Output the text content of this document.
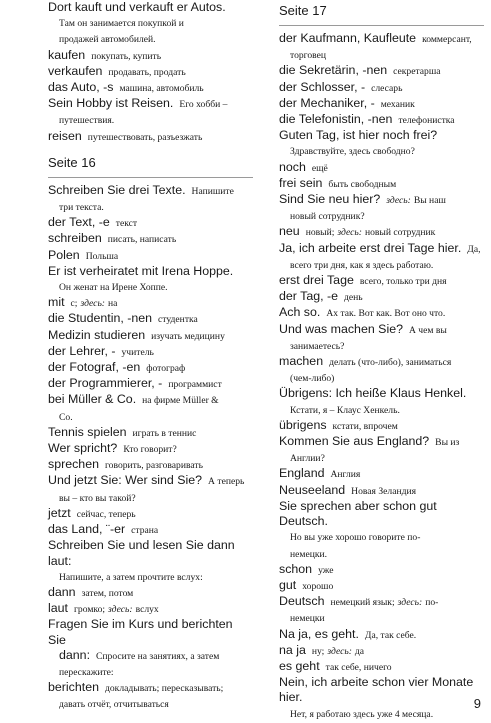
Dort kauft und verkauft er Autos.
Там он занимается покупкой и
продажей автомобилей.
kaufen покупать, купить
verkaufen продавать, продать
das Auto, -s машина, автомобиль
Sein Hobby ist Reisen. Его хобби –
путешествия.
reisen путешествовать, разъезжать
Seite 16
Schreiben Sie drei Texte. Напишите
три текста.
der Text, -e текст
schreiben писать, написать
Polen Польша
Er ist verheiratet mit Irena Hoppe.
Он женат на Ирене Хоппе.
mit с; здесь: на
die Studentin, -nen студентка
Medizin studieren изучать медицину
der Lehrer, - учитель
der Fotograf, -en фотограф
der Programmierer, - программист
bei Müller & Co. на фирме Müller &
Co.
Tennis spielen играть в теннис
Wer spricht? Кто говорит?
sprechen говорить, разговаривать
Und jetzt Sie: Wer sind Sie? А теперь
вы – кто вы такой?
jetzt сейчас, теперь
das Land, ¨-er страна
Schreiben Sie und lesen Sie dann laut:
Напишите, а затем прочтите вслух:
dann затем, потом
laut громко; здесь: вслух
Fragen Sie im Kurs und berichten Sie
dann: Спросите на занятиях, а затем
перескажите:
berichten докладывать; пересказывать;
давать отчёт, отчитываться
Seite 17
der Kaufmann, Kaufleute коммерсант,
торговец
die Sekretärin, -nen секретарша
der Schlosser, - слесарь
der Mechaniker, - механик
die Telefonistin, -nen телефонистка
Guten Tag, ist hier noch frei?
Здравствуйте, здесь свободно?
noch ещё
frei sein быть свободным
Sind Sie neu hier? здесь: Вы наш
новый сотрудник?
neu новый; здесь: новый сотрудник
Ja, ich arbeite erst drei Tage hier. Да,
всего три дня, как я здесь работаю.
erst drei Tage всего, только три дня
der Tag, -e день
Ach so. Ах так. Вот как. Вот оно что.
Und was machen Sie? А чем вы
занимаетесь?
machen делать (что-либо), заниматься
(чем-либо)
Übrigens: Ich heiße Klaus Henkel.
Кстати, я – Клаус Хенкель.
übrigens кстати, впрочем
Kommen Sie aus England? Вы из
Англии?
England Англия
Neuseeland Новая Зеландия
Sie sprechen aber schon gut Deutsch.
Но вы уже хорошо говорите по-
немецки.
schon уже
gut хорошо
Deutsch немецкий язык; здесь: по-
немецки
Na ja, es geht. Да, так себе.
na ja ну; здесь: да
es geht так себе, ничего
Nein, ich arbeite schon vier Monate hier.
Нет, я работаю здесь уже 4 месяца.
9
